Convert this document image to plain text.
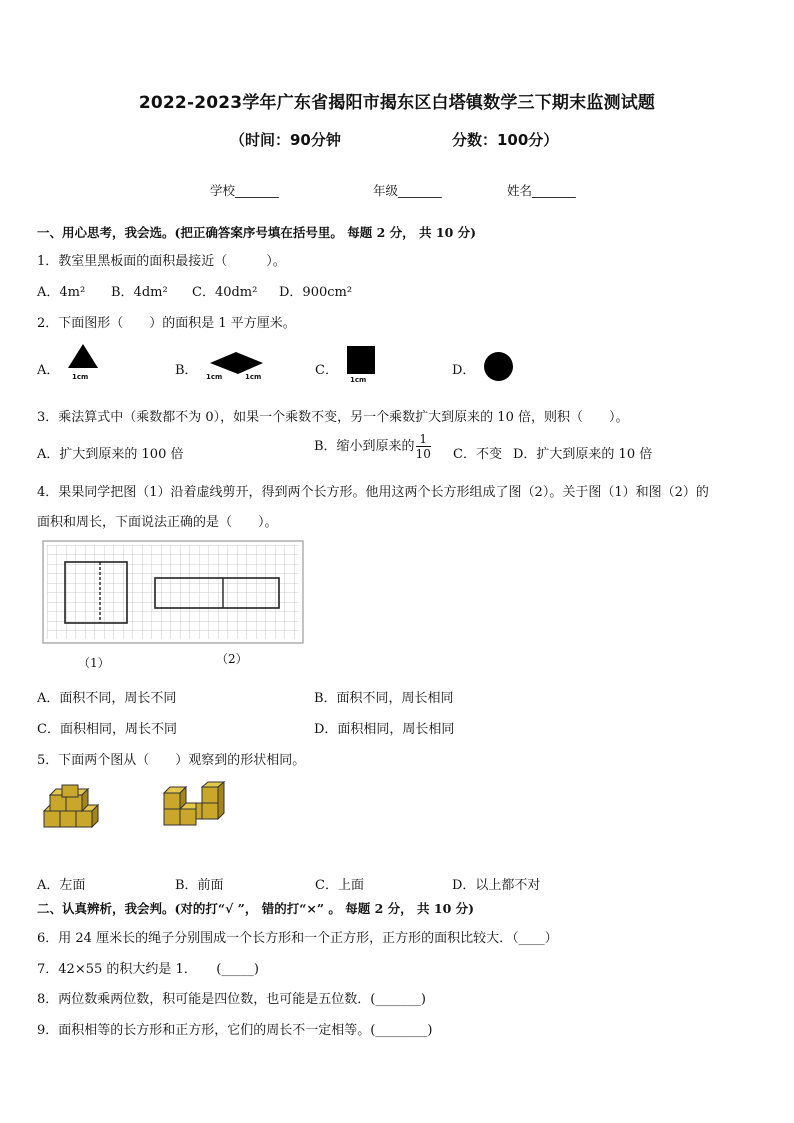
2022-2023学年广东省揭阳市揭东区白塔镇数学三下期末监测试题
（时间：90分钟	分数：100分）
学校_______	年级_______	姓名_______
一、用心思考，我会选。(把正确答案序号填在括号里。 每题 2 分， 共 10 分)
1．教室里黑板面的面积最接近（　　　）。
A．4m² B．4dm² C．40dm² D．900cm²
2．下面图形（　　）的面积是 1 平方厘米。
A． 1cm	B． 1cm	1cm	C．
1cm
D．
3．乘法算式中（乘数都不为 0），如果一个乘数不变，另一个乘数扩大到原来的 10 倍，则积（　　）。
A．扩大到原来的 100 倍
B．缩小到原来的 $\frac{1}{10}$ C．不变 D．扩大到原来的 10 倍
4．果果同学把图（1）沿着虚线剪开，得到两个长方形。他用这两个长方形组成了图（2）。关于图（1）和图（2）的
面积和周长，下面说法正确的是（　　）。
（1）	（2）
A．面积不同，周长不同	B．面积不同，周长相同
C．面积相同，周长不同	D．面积相同，周长相同
5．下面两个图从（　　）观察到的形状相同。
A．左面	B．前面	C．上面	D．以上都不对
二、认真辨析，我会判。(对的打“√ ”， 错的打“×” 。 每题 2 分， 共 10 分)
6．用 24 厘米长的绳子分别围成一个长方形和一个正方形，正方形的面积比较大．（____）
7．42×55 的积大约是 1．　　(_____)
8．两位数乘两位数，积可能是四位数，也可能是五位数．(_______)
9．面积相等的长方形和正方形，它们的周长不一定相等。(________)
